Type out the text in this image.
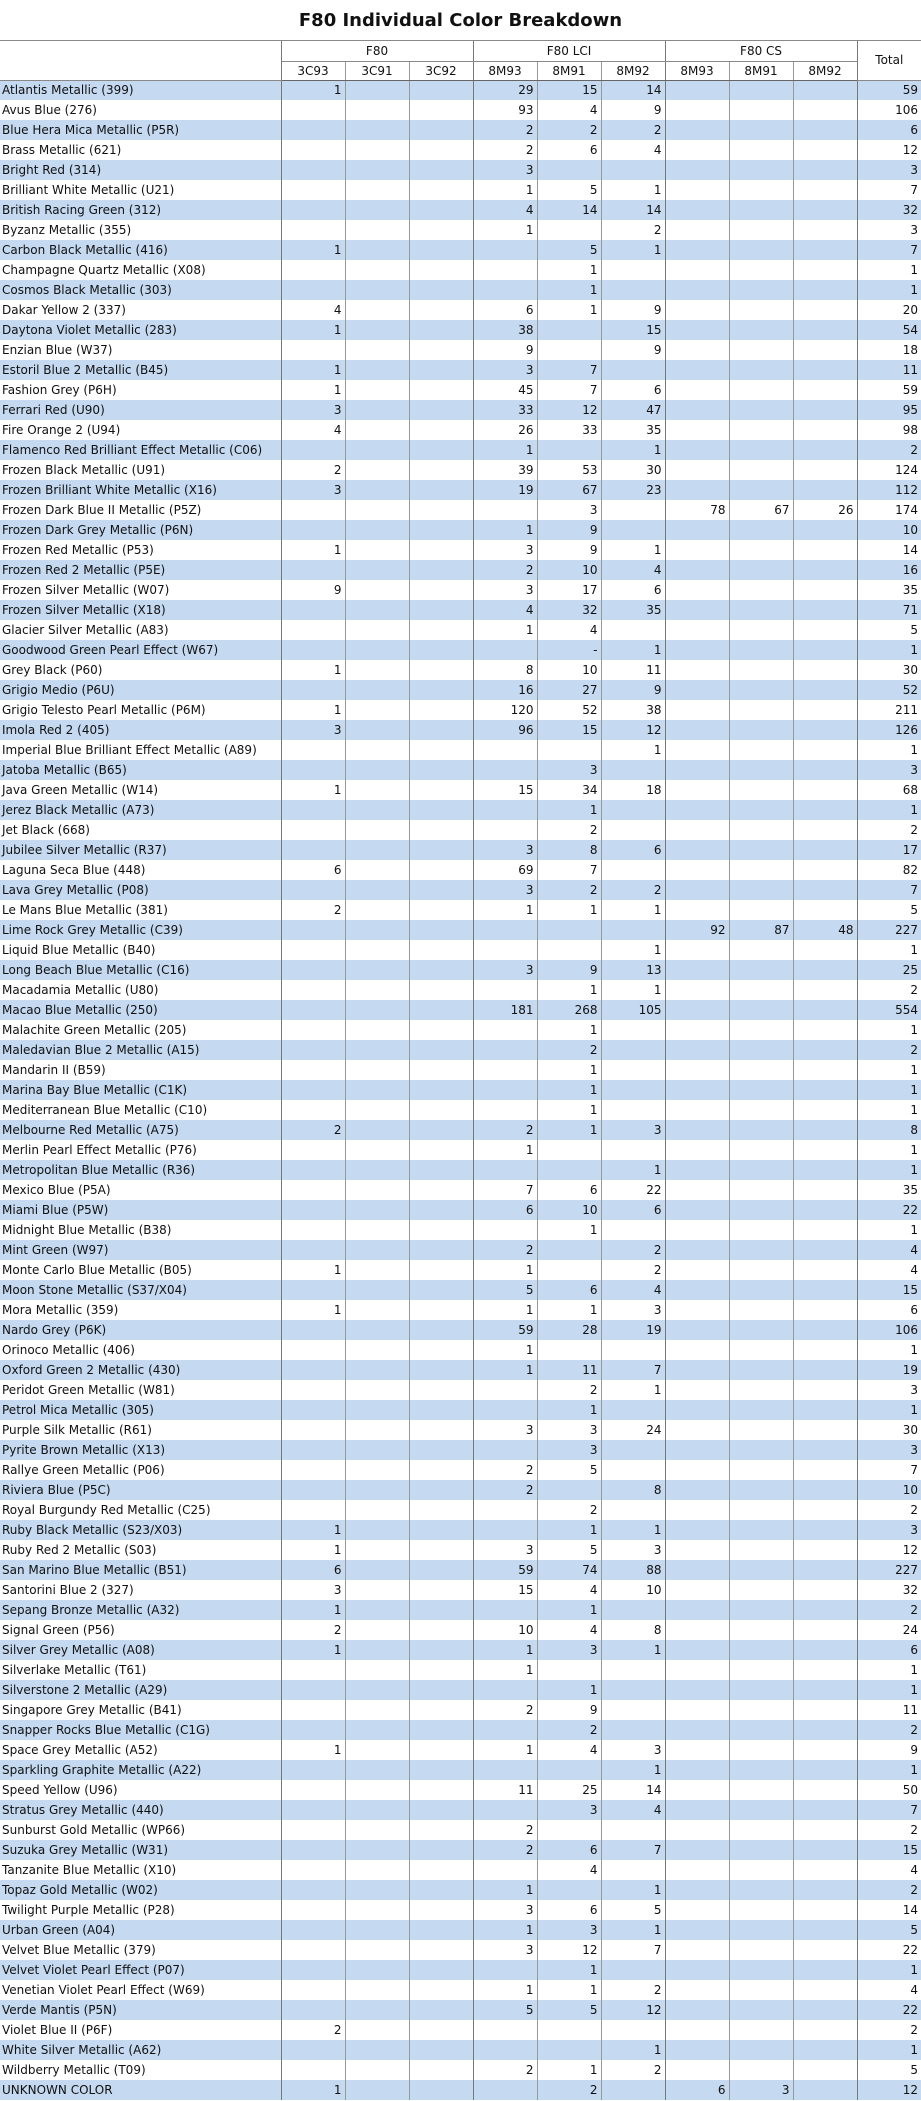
F80 Individual Color Breakdown
	F80			F80 LCI			F80 CS			Total
	3C93	3C91	3C92	8M93	8M91	8M92	8M93	8M91	8M92	
Atlantis Metallic (399)	1			29	15	14				59
Avus Blue (276)				93	4	9				106
Blue Hera Mica Metallic (P5R)				2	2	2				6
Brass Metallic (621)				2	6	4				12
Bright Red (314)				3						3
Brilliant White Metallic (U21)				1	5	1				7
British Racing Green (312)				4	14	14				32
Byzanz Metallic (355)				1		2				3
Carbon Black Metallic (416)	1				5	1				7
Champagne Quartz Metallic (X08)					1					1
Cosmos Black Metallic (303)					1					1
Dakar Yellow 2 (337)	4			6	1	9				20
Daytona Violet Metallic (283)	1			38		15				54
Enzian Blue (W37)				9		9				18
Estoril Blue 2 Metallic (B45)	1			3	7					11
Fashion Grey (P6H)	1			45	7	6				59
Ferrari Red (U90)	3			33	12	47				95
Fire Orange 2 (U94)	4			26	33	35				98
Flamenco Red Brilliant Effect Metallic (C06)				1		1				2
Frozen Black Metallic (U91)	2			39	53	30				124
Frozen Brilliant White Metallic (X16)	3			19	67	23				112
Frozen Dark Blue II Metallic (P5Z)					3		78	67	26	174
Frozen Dark Grey Metallic (P6N)				1	9					10
Frozen Red Metallic (P53)	1			3	9	1				14
Frozen Red 2 Metallic (P5E)				2	10	4				16
Frozen Silver Metallic (W07)	9			3	17	6				35
Frozen Silver Metallic (X18)				4	32	35				71
Glacier Silver Metallic (A83)				1	4					5
Goodwood Green Pearl Effect (W67)					-	1				1
Grey Black (P60)	1			8	10	11				30
Grigio Medio (P6U)				16	27	9				52
Grigio Telesto Pearl Metallic (P6M)	1			120	52	38				211
Imola Red 2 (405)	3			96	15	12				126
Imperial Blue Brilliant Effect Metallic (A89)						1				1
Jatoba Metallic (B65)					3					3
Java Green Metallic (W14)	1			15	34	18				68
Jerez Black Metallic (A73)					1					1
Jet Black (668)					2					2
Jubilee Silver Metallic (R37)				3	8	6				17
Laguna Seca Blue (448)	6			69	7					82
Lava Grey Metallic (P08)				3	2	2				7
Le Mans Blue Metallic (381)	2			1	1	1				5
Lime Rock Grey Metallic (C39)							92	87	48	227
Liquid Blue Metallic (B40)						1				1
Long Beach Blue Metallic (C16)				3	9	13				25
Macadamia Metallic (U80)					1	1				2
Macao Blue Metallic (250)				181	268	105				554
Malachite Green Metallic (205)					1					1
Maledavian Blue 2 Metallic (A15)					2					2
Mandarin II (B59)					1					1
Marina Bay Blue Metallic (C1K)					1					1
Mediterranean Blue Metallic (C10)					1					1
Melbourne Red Metallic (A75)	2			2	1	3				8
Merlin Pearl Effect Metallic (P76)				1						1
Metropolitan Blue Metallic (R36)						1				1
Mexico Blue (P5A)				7	6	22				35
Miami Blue (P5W)				6	10	6				22
Midnight Blue Metallic (B38)					1					1
Mint Green (W97)				2		2				4
Monte Carlo Blue Metallic (B05)	1			1		2				4
Moon Stone Metallic (S37/X04)				5	6	4				15
Mora Metallic (359)	1			1	1	3				6
Nardo Grey (P6K)				59	28	19				106
Orinoco Metallic (406)				1						1
Oxford Green 2 Metallic (430)				1	11	7				19
Peridot Green Metallic (W81)					2	1				3
Petrol Mica Metallic (305)					1					1
Purple Silk Metallic (R61)				3	3	24				30
Pyrite Brown Metallic (X13)					3					3
Rallye Green Metallic (P06)				2	5					7
Riviera Blue (P5C)				2		8				10
Royal Burgundy Red Metallic (C25)					2					2
Ruby Black Metallic (S23/X03)	1				1	1				3
Ruby Red 2 Metallic (S03)	1			3	5	3				12
San Marino Blue Metallic (B51)	6			59	74	88				227
Santorini Blue 2 (327)	3			15	4	10				32
Sepang Bronze Metallic (A32)	1				1					2
Signal Green (P56)	2			10	4	8				24
Silver Grey Metallic (A08)	1			1	3	1				6
Silverlake Metallic (T61)				1						1
Silverstone 2 Metallic (A29)					1					1
Singapore Grey Metallic (B41)				2	9					11
Snapper Rocks Blue Metallic (C1G)					2					2
Space Grey Metallic (A52)	1			1	4	3				9
Sparkling Graphite Metallic (A22)						1				1
Speed Yellow (U96)				11	25	14				50
Stratus Grey Metallic (440)					3	4				7
Sunburst Gold Metallic (WP66)				2						2
Suzuka Grey Metallic (W31)				2	6	7				15
Tanzanite Blue Metallic (X10)					4					4
Topaz Gold Metallic (W02)				1		1				2
Twilight Purple Metallic (P28)				3	6	5				14
Urban Green (A04)				1	3	1				5
Velvet Blue Metallic (379)				3	12	7				22
Velvet Violet Pearl Effect (P07)					1					1
Venetian Violet Pearl Effect (W69)				1	1	2				4
Verde Mantis (P5N)				5	5	12				22
Violet Blue II (P6F)	2									2
White Silver Metallic (A62)						1				1
Wildberry Metallic (T09)				2	1	2				5
UNKNOWN COLOR	1				2		6	3		12
